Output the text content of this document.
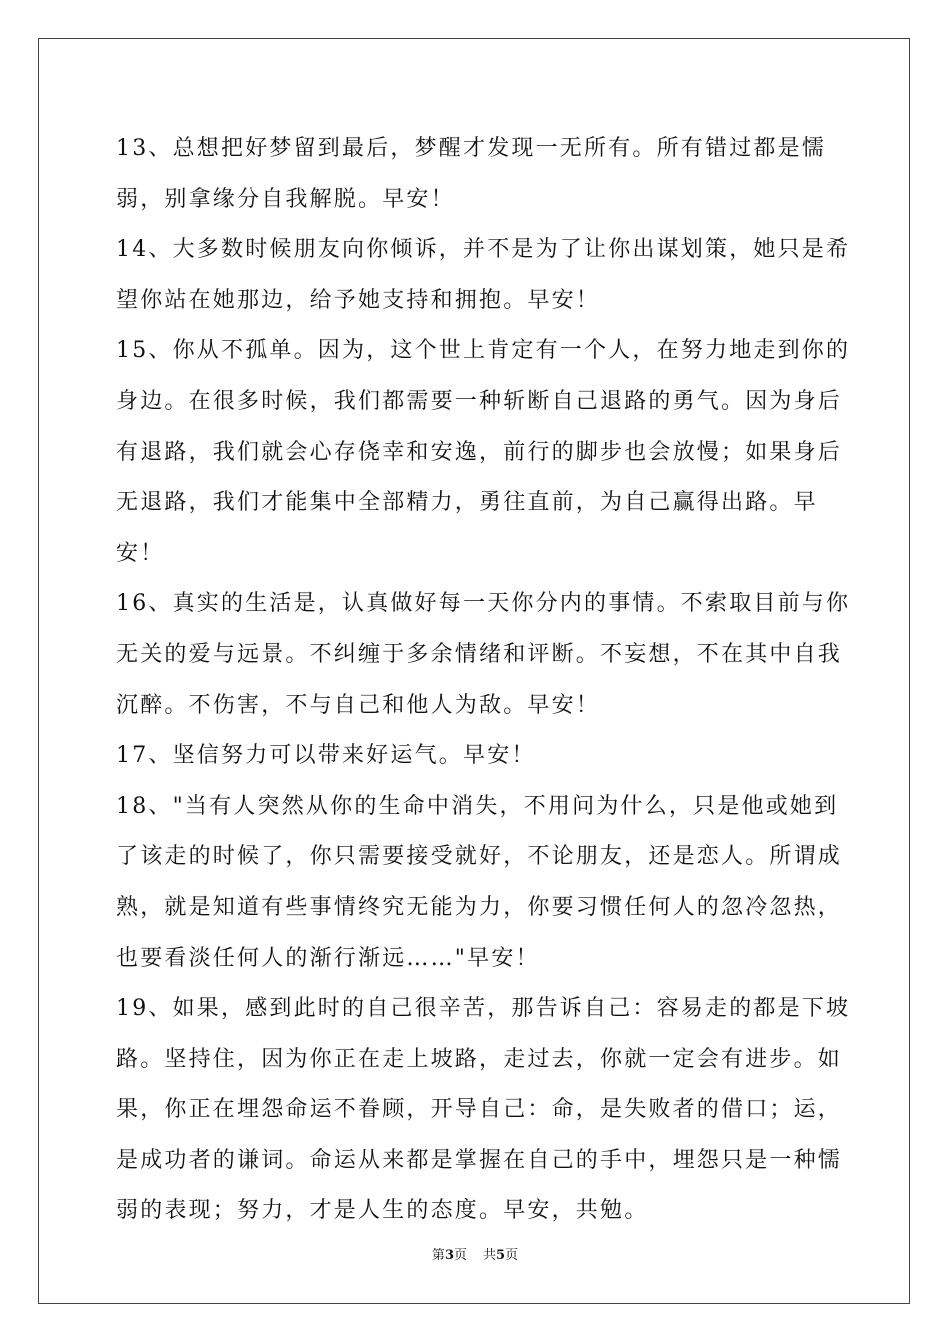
13、总想把好梦留到最后，梦醒才发现一无所有。所有错过都是懦弱，别拿缘分自我解脱。早安！

14、大多数时候朋友向你倾诉，并不是为了让你出谋划策，她只是希望你站在她那边，给予她支持和拥抱。早安！

15、你从不孤单。因为，这个世上肯定有一个人，在努力地走到你的身边。在很多时候，我们都需要一种斩断自己退路的勇气。因为身后有退路，我们就会心存侥幸和安逸，前行的脚步也会放慢；如果身后无退路，我们才能集中全部精力，勇往直前，为自己赢得出路。早安！

16、真实的生活是，认真做好每一天你分内的事情。不索取目前与你无关的爱与远景。不纠缠于多余情绪和评断。不妄想，不在其中自我沉醉。不伤害，不与自己和他人为敌。早安！

17、坚信努力可以带来好运气。早安！

18、"当有人突然从你的生命中消失，不用问为什么，只是他或她到了该走的时候了，你只需要接受就好，不论朋友，还是恋人。所谓成熟，就是知道有些事情终究无能为力，你要习惯任何人的忽冷忽热，也要看淡任何人的渐行渐远……"早安！

19、如果，感到此时的自己很辛苦，那告诉自己：容易走的都是下坡路。坚持住，因为你正在走上坡路，走过去，你就一定会有进步。如果，你正在埋怨命运不眷顾，开导自己：命，是失败者的借口；运，是成功者的谦词。命运从来都是掌握在自己的手中，埋怨只是一种懦弱的表现；努力，才是人生的态度。早安，共勉。

第3页 共5页
